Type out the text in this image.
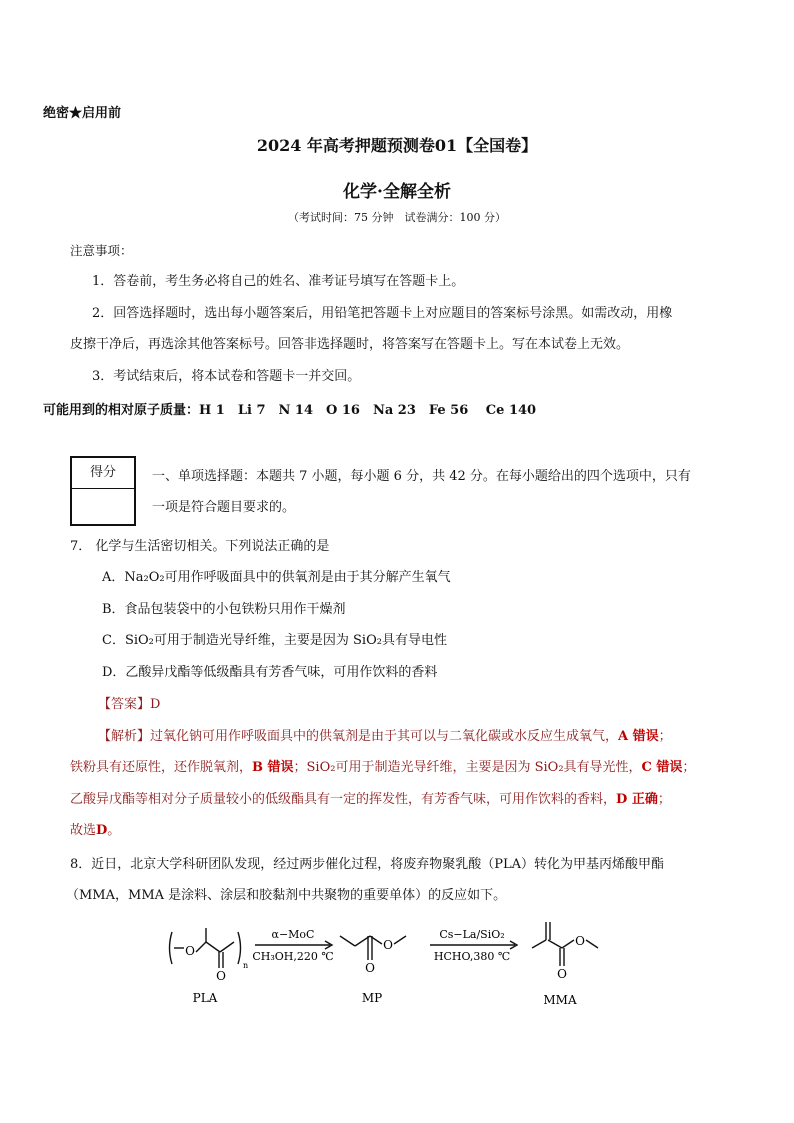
绝密★启用前
2024 年高考押题预测卷01【全国卷】
化学·全解全析
（考试时间：75 分钟　试卷满分：100 分）
注意事项：
1．答卷前，考生务必将自己的姓名、准考证号填写在答题卡上。
2．回答选择题时，选出每小题答案后，用铅笔把答题卡上对应题目的答案标号涂黑。如需改动，用橡
皮擦干净后，再选涂其他答案标号。回答非选择题时，将答案写在答题卡上。写在本试卷上无效。
3．考试结束后，将本试卷和答题卡一并交回。
可能用到的相对原子质量：H 1　Li 7　N 14　O 16　Na 23　Fe 56　 Ce 140
得分	一、单项选择题：本题共 7 小题，每小题 6 分，共 42 分。在每小题给出的四个选项中，只有
一项是符合题目要求的。
7． 化学与生活密切相关。下列说法正确的是
A．Na₂O₂可用作呼吸面具中的供氧剂是由于其分解产生氧气
B．食品包装袋中的小包铁粉只用作干燥剂
C．SiO₂可用于制造光导纤维，主要是因为 SiO₂具有导电性
D．乙酸异戊酯等低级酯具有芳香气味，可用作饮料的香料
【答案】D
【解析】过氧化钠可用作呼吸面具中的供氧剂是由于其可以与二氧化碳或水反应生成氧气，A 错误；
铁粉具有还原性，还作脱氧剂，B 错误；SiO₂可用于制造光导纤维，主要是因为 SiO₂具有导光性，C 错误；
乙酸异戊酯等相对分子质量较小的低级酯具有一定的挥发性，有芳香气味，可用作饮料的香料，D 正确；
故选D。
8．近日，北京大学科研团队发现，经过两步催化过程，将废弃物聚乳酸（PLA）转化为甲基丙烯酸甲酯
（MMA，MMA 是涂料、涂层和胶黏剂中共聚物的重要单体）的反应如下。
O
O
n
PLA
α−MoC
CH₃OH,220 ℃
O
O
MP
Cs−La/SiO₂
HCHO,380 ℃
O
O
MMA
